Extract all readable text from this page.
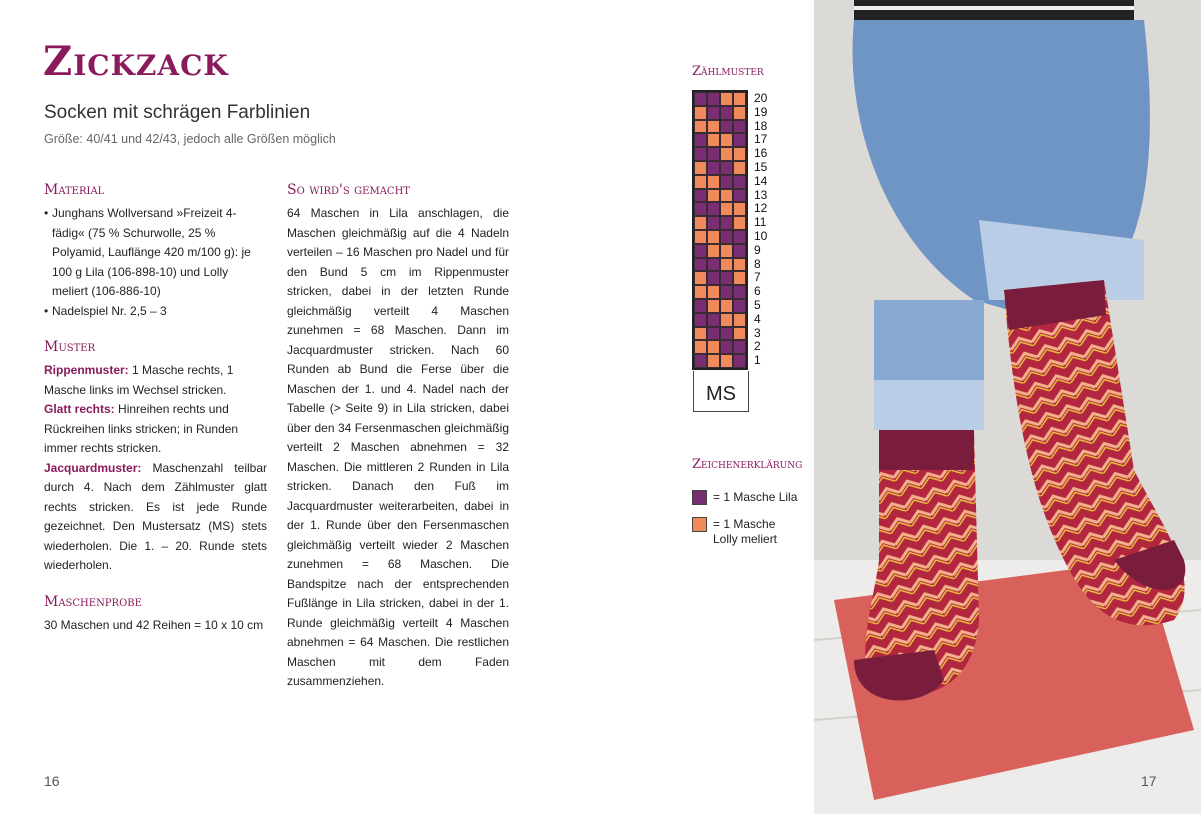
Zickzack
Socken mit schrägen Farblinien
Größe: 40/41 und 42/43, jedoch alle Größen möglich
Material
• Junghans Wollversand »Freizeit 4-fädig« (75 % Schurwolle, 25 % Polyamid, Lauflänge 420 m/100 g): je 100 g Lila (106-898-10) und Lolly meliert (106-886-10)
• Nadelspiel Nr. 2,5 – 3
Muster

Rippenmuster: 1 Masche rechts, 1 Masche links im Wechsel stricken.

Glatt rechts: Hinreihen rechts und Rückreihen links stricken; in Runden immer rechts stricken.

Jacquardmuster: Maschenzahl teilbar durch 4. Nach dem Zählmuster glatt rechts stricken. Es ist jede Runde gezeichnet. Den Mustersatz (MS) stets wiederholen. Die 1. – 20. Runde stets wiederholen.

Maschenprobe

30 Maschen und 42 Reihen = 10 x 10 cm

So wird's gemacht

64 Maschen in Lila anschlagen, die Maschen gleichmäßig auf die 4 Nadeln verteilen – 16 Maschen pro Nadel und für den Bund 5 cm im Rippenmuster stricken, dabei in der letzten Runde gleichmäßig verteilt 4 Maschen zunehmen = 68 Maschen. Dann im Jacquardmuster stricken. Nach 60 Runden ab Bund die Ferse über die Maschen der 1. und 4. Nadel nach der Tabelle (> Seite 9) in Lila stricken, dabei über den 34 Fersenmaschen gleichmäßig verteilt 2 Maschen abnehmen = 32 Maschen. Die mittleren 2 Runden in Lila stricken. Danach den Fuß im Jacquardmuster weiterarbeiten, dabei in der 1. Runde über den Fersenmaschen gleichmäßig verteilt wieder 2 Maschen zunehmen = 68 Maschen. Die Bandspitze nach der entsprechenden Fußlänge in Lila stricken, dabei in der 1. Runde gleichmäßig verteilt 4 Maschen abnehmen = 64 Maschen. Die restlichen Maschen mit dem Faden zusammenziehen.

Zählmuster
20
19
18
17
16
15
14
13
12
11
10
9
8
7
6
5
4
3
2
1
MS
Zeichenerklärung
= 1 Masche Lila
= 1 Masche Lolly meliert
16	17
